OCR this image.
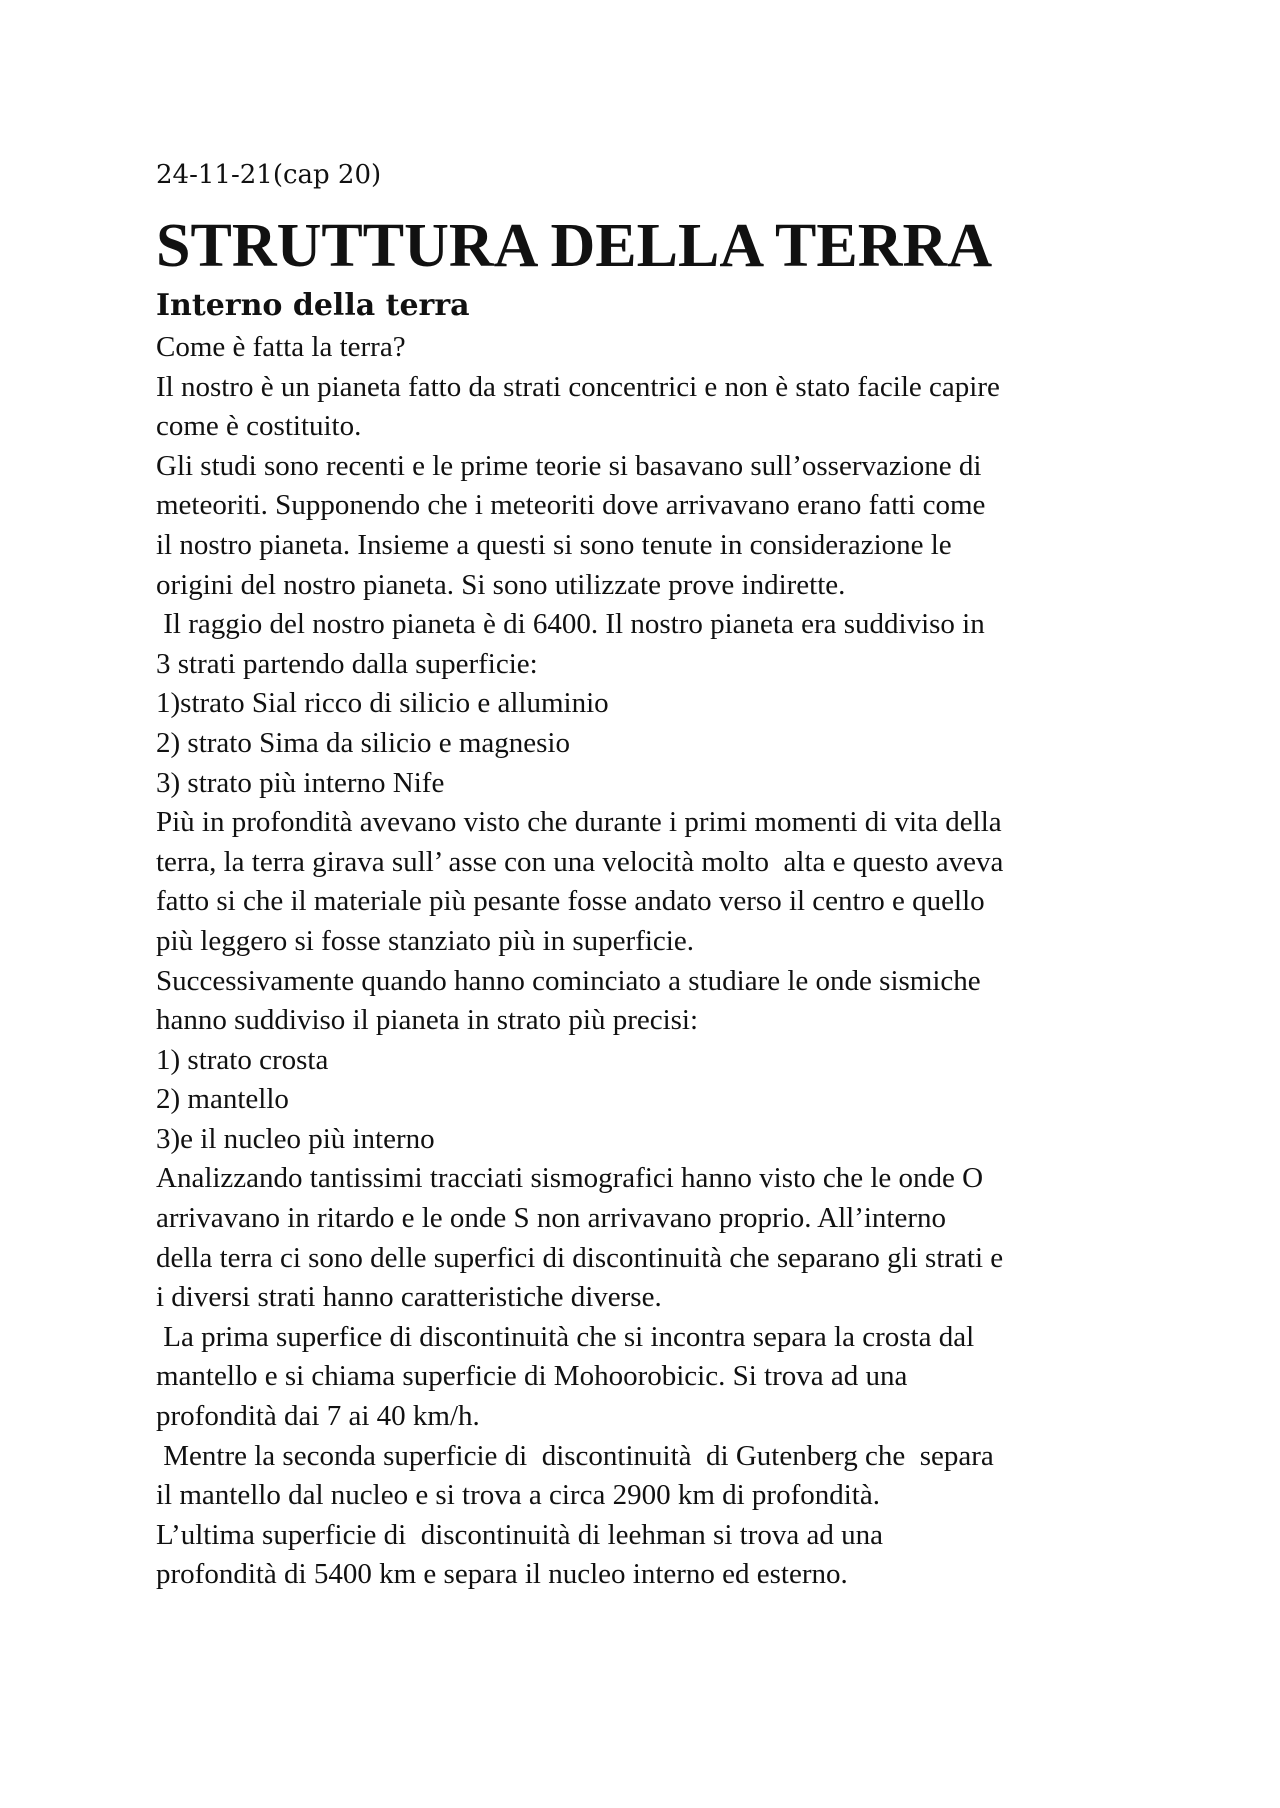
24-11-21(cap 20)

STRUTTURA DELLA TERRA
Interno della terra

Come è fatta la terra?

Il nostro è un pianeta fatto da strati concentrici e non è stato facile capire

come è costituito.

Gli studi sono recenti e le prime teorie si basavano sull’osservazione di

meteoriti. Supponendo che i meteoriti dove arrivavano erano fatti come

il nostro pianeta. Insieme a questi si sono tenute in considerazione le

origini del nostro pianeta. Si sono utilizzate prove indirette.

Il raggio del nostro pianeta è di 6400. Il nostro pianeta era suddiviso in

3 strati partendo dalla superficie:

1)strato Sial ricco di silicio e alluminio

2) strato Sima da silicio e magnesio

3) strato più interno Nife

Più in profondità avevano visto che durante i primi momenti di vita della

terra, la terra girava sull’ asse con una velocità molto  alta e questo aveva

fatto si che il materiale più pesante fosse andato verso il centro e quello

più leggero si fosse stanziato più in superficie.

Successivamente quando hanno cominciato a studiare le onde sismiche

hanno suddiviso il pianeta in strato più precisi:

1) strato crosta

2) mantello

3)e il nucleo più interno

Analizzando tantissimi tracciati sismografici hanno visto che le onde O

arrivavano in ritardo e le onde S non arrivavano proprio. All’interno

della terra ci sono delle superfici di discontinuità che separano gli strati e

i diversi strati hanno caratteristiche diverse.

La prima superfice di discontinuità che si incontra separa la crosta dal

mantello e si chiama superficie di Mohoorobicic. Si trova ad una

profondità dai 7 ai 40 km/h.

Mentre la seconda superficie di  discontinuità  di Gutenberg che  separa

il mantello dal nucleo e si trova a circa 2900 km di profondità.

L’ultima superficie di  discontinuità di leehman si trova ad una

profondità di 5400 km e separa il nucleo interno ed esterno.
